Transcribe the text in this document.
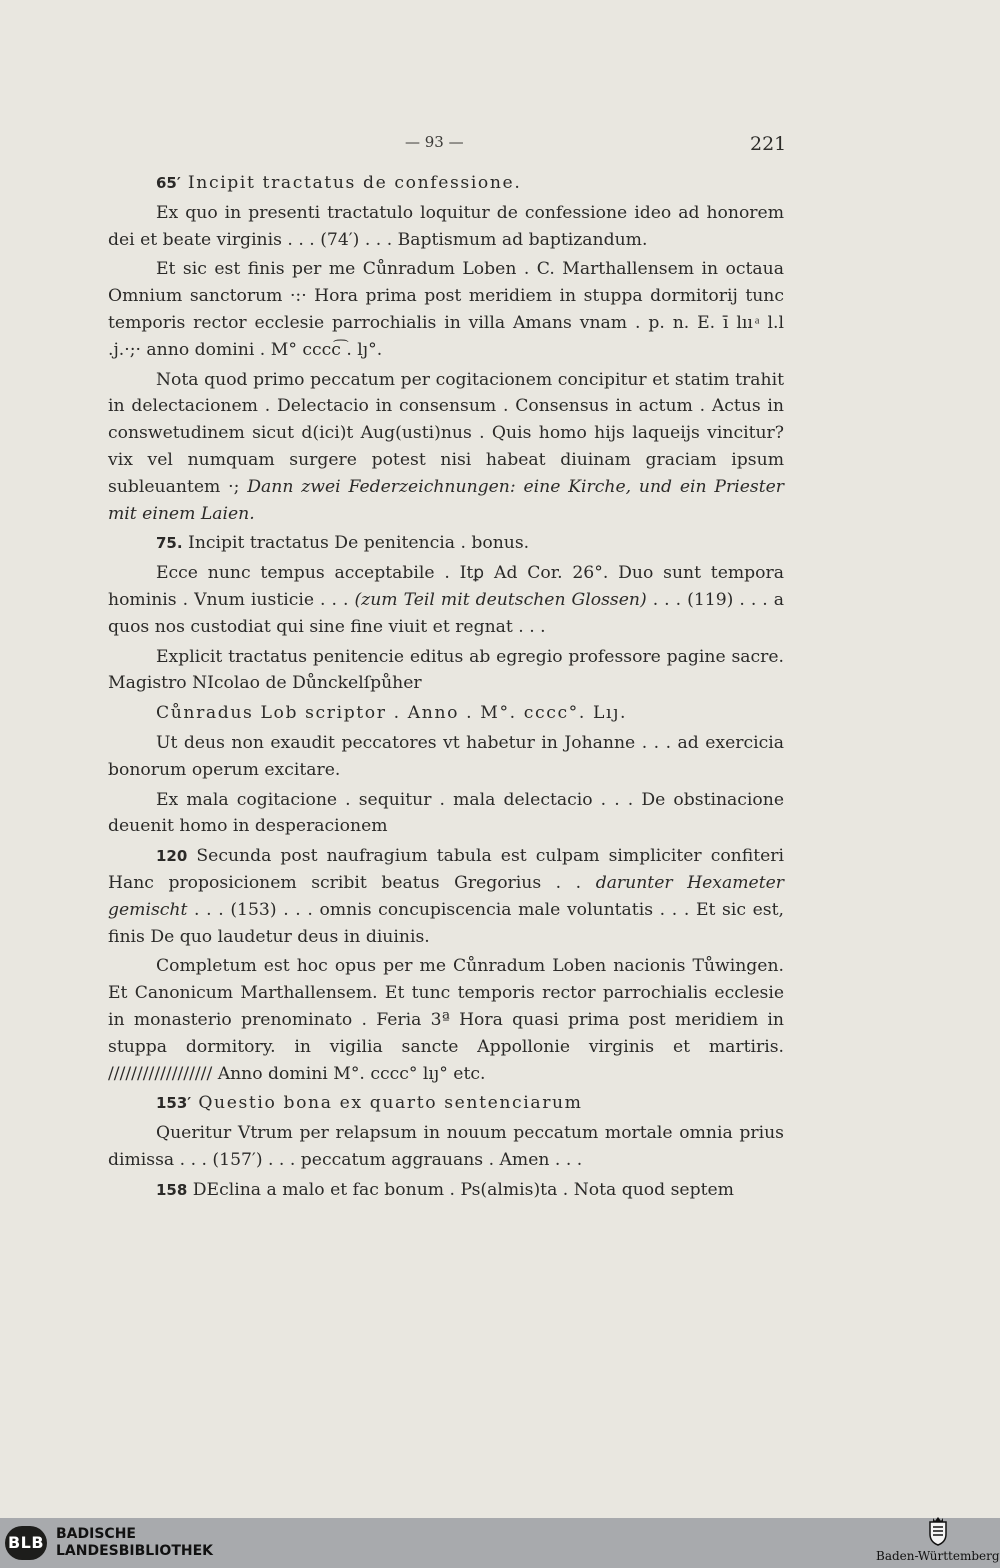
— 93 —	221

65′ Incipit tractatus de confessione.

Ex quo in presenti tractatulo loquitur de confessione ideo ad honorem dei et beate virginis . . . (74′) . . . Baptismum ad baptizandum.

Et sic est finis per me Cůnradum Loben . C. Marthallensem in octaua Omnium sanctorum ·:· Hora prima post meridiem in stuppa dormitorij tunc temporis rector ecclesie parrochialis in villa Amans vnam . p. n. E. ī lıı ͣ l.l .j.·;· anno domini . M° cccc͡ . lȷ°.

Nota quod primo peccatum per cogitacionem concipitur et statim trahit in delectacionem . Delectacio in consensum . Consensus in actum . Actus in conswetudinem sicut d(ici)t Aug(usti)nus . Quis homo hijs laqueijs vincitur? vix vel numquam surgere potest nisi habeat diuinam graciam ipsum subleuantem ·; Dann zwei Federzeichnungen: eine Kirche, und ein Priester mit einem Laien.

75. Incipit tractatus De penitencia . bonus.

Ecce nunc tempus acceptabile . Itꝑ Ad Cor. 26°. Duo sunt tempora hominis . Vnum iusticie . . . (zum Teil mit deutschen Glossen) . . . (119) . . . a quos nos custodiat qui sine fine viuit et regnat . . .

Explicit tractatus penitencie editus ab egregio professore pagine sacre. Magistro NIcolao de Důnckelſpůher

Cůnradus Lob scriptor . Anno . M°. cccc°. Lıȷ.

Ut deus non exaudit peccatores vt habetur in Johanne . . . ad exercicia bonorum operum excitare.

Ex mala cogitacione . sequitur . mala delectacio . . . De obstinacione deuenit homo in desperacionem

120 Secunda post naufragium tabula est culpam simpliciter confiteri Hanc proposicionem scribit beatus Gregorius . . darunter Hexameter gemischt . . . (153) . . . omnis concupiscencia male voluntatis . . . Et sic est, finis De quo laudetur deus in diuinis.

Completum est hoc opus per me Cůnradum Loben nacionis Tůwingen. Et Canonicum Marthallensem. Et tunc temporis rector parrochialis ecclesie in monasterio prenominato . Feria 3ª Hora quasi prima post meridiem in stuppa dormitory. in vigilia sancte Appollonie virginis et martiris. ////////////////// Anno domini M°. cccc° lıȷ° etc.

153′ Questio bona ex quarto sentenciarum

Queritur Vtrum per relapsum in nouum peccatum mortale omnia prius dimissa . . . (157′) . . . peccatum aggrauans . Amen . . .

158 DEclina a malo et fac bonum . Ps(almis)ta . Nota quod septem

BLB BADISCHE
LANDESBIBLIOTHEK	Baden-Württemberg
